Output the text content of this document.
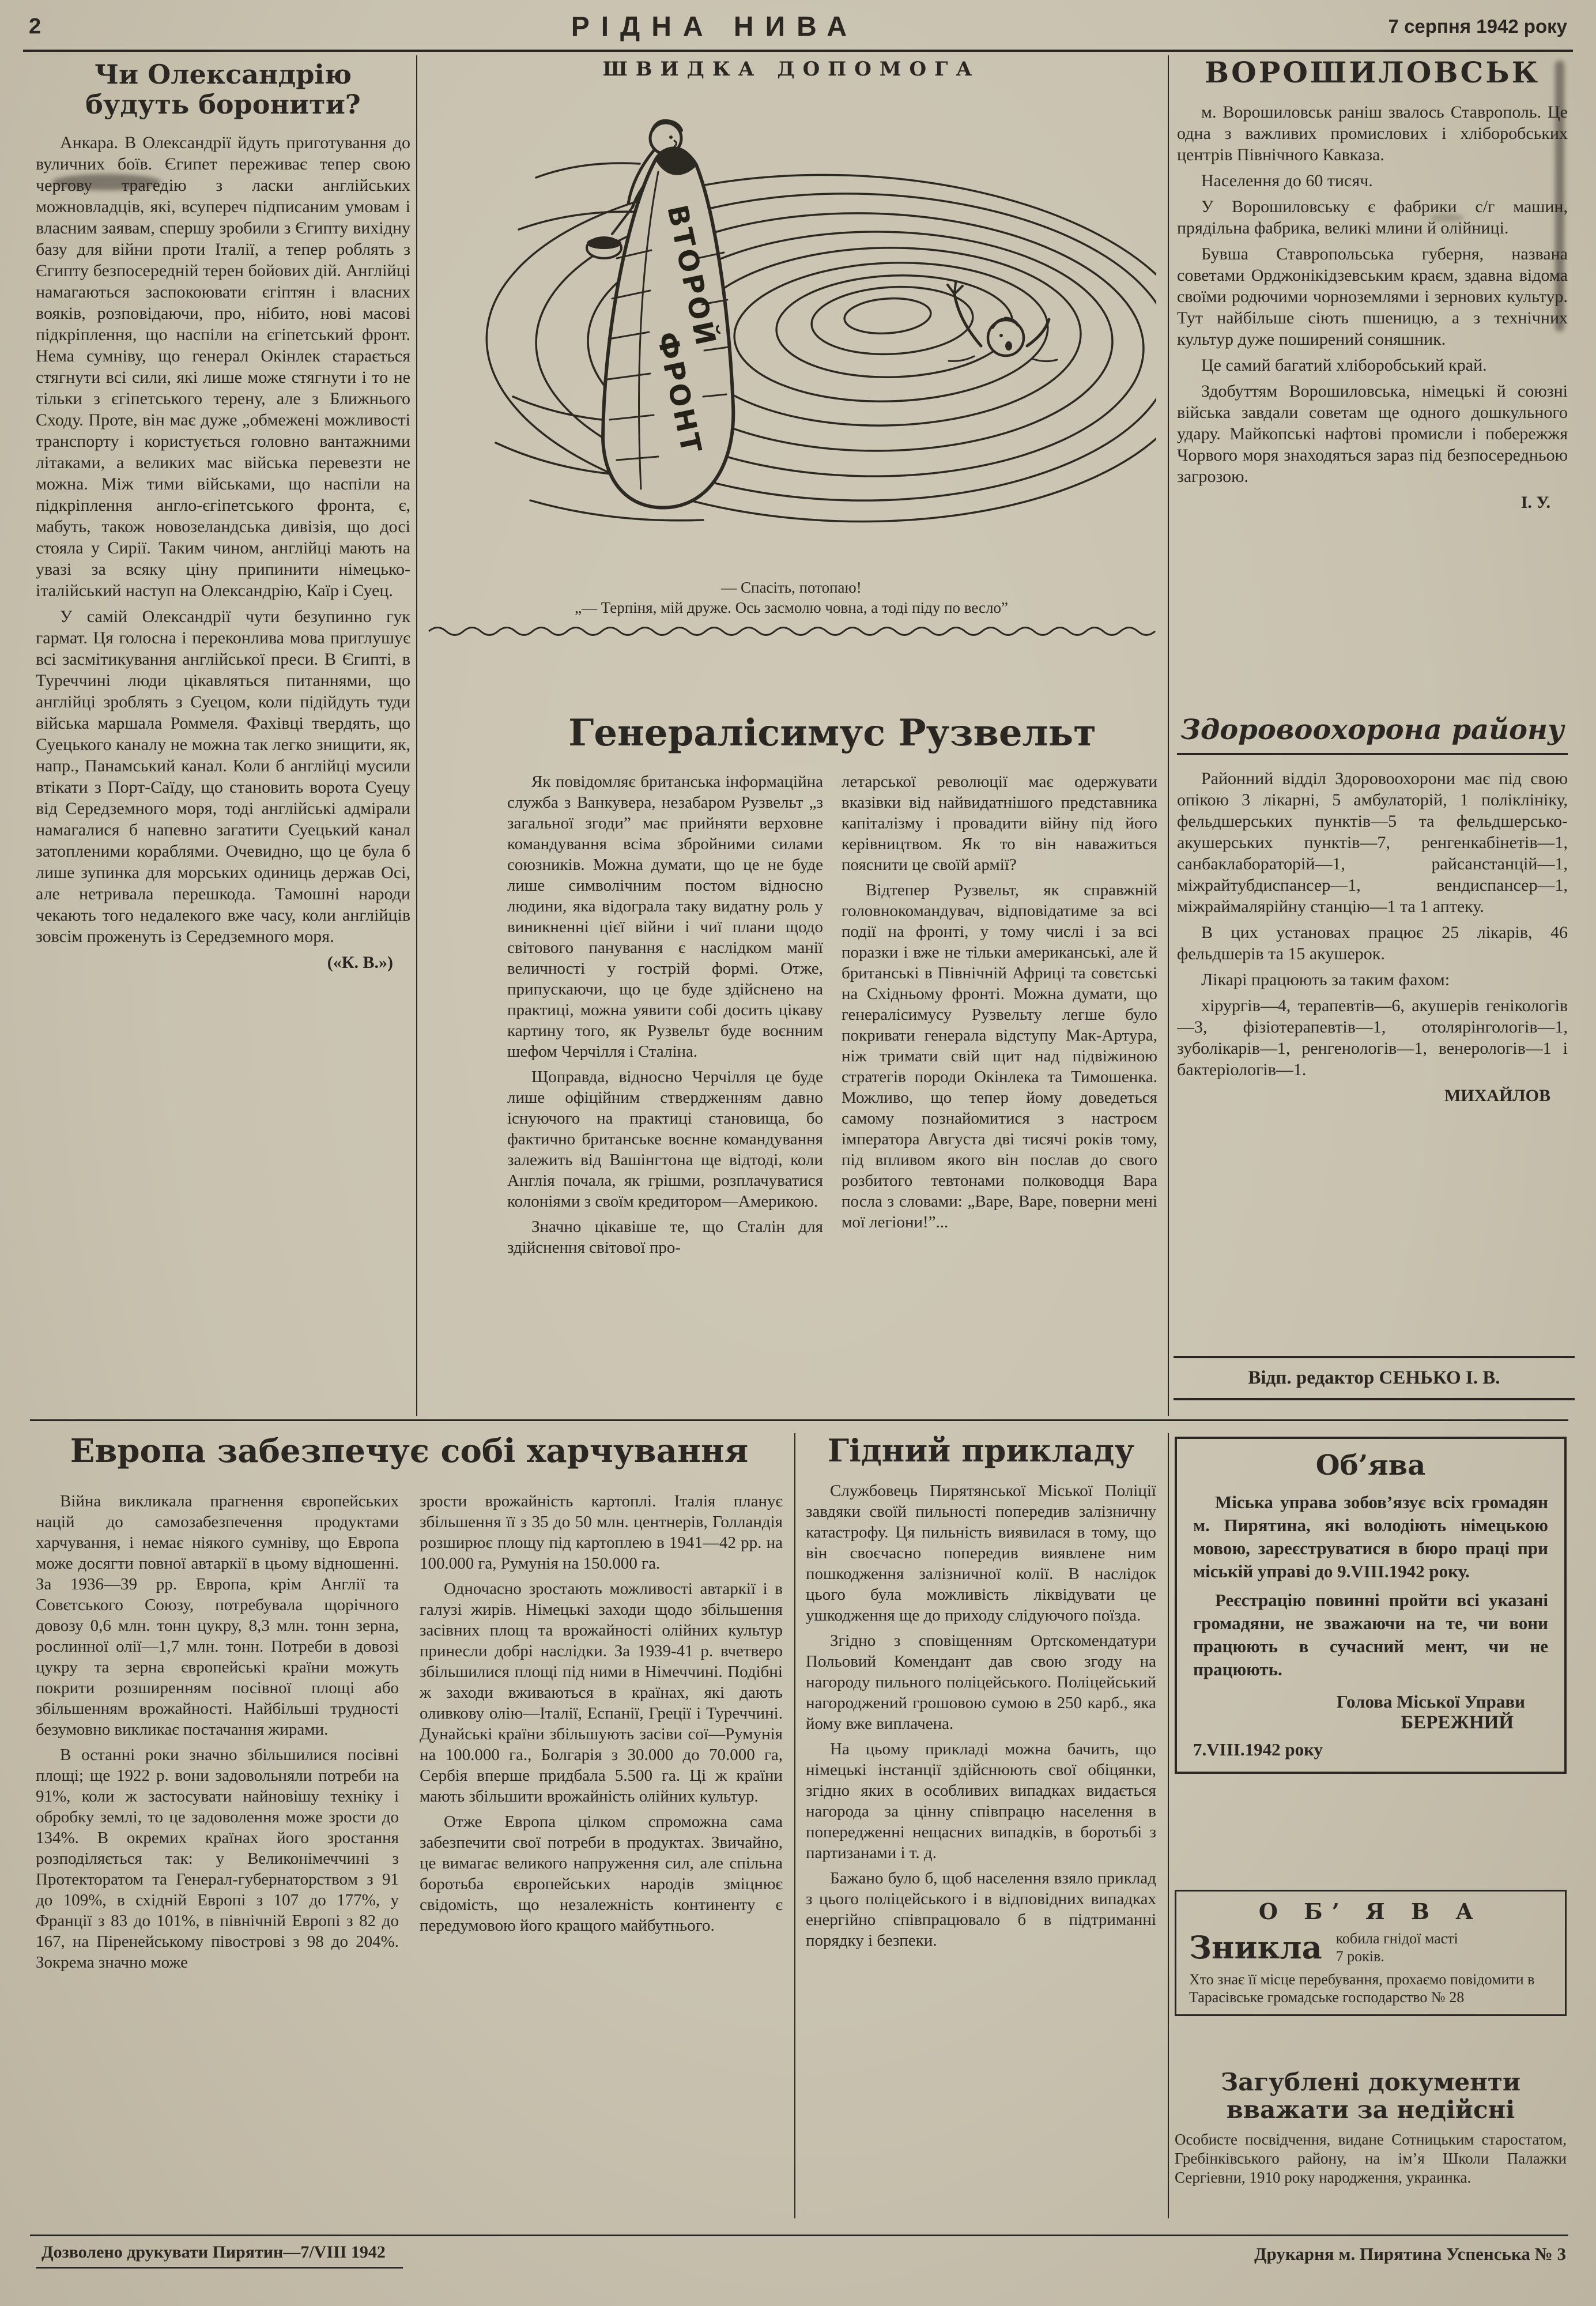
2	РІДНА НИВА	7 серпня 1942 року
Чи Олександрію
будуть боронити?

Анкара. В Олександрії йдуть приготування до вуличних боїв. Єгипет переживає тепер свою чергову трагедію з ласки англійських можновладців, які, всупереч підписаним умовам і власним заявам, спершу зробили з Єгипту вихідну базу для війни проти Італії, а тепер роблять з Єгипту безпосередній терен бойових дій. Англійці намагаються заспокоювати єгіптян і власних вояків, розповідаючи, про, нібито, нові масові підкріплення, що наспіли на єгіпетський фронт. Нема сумніву, що генерал Окінлек старається стягнути всі сили, які лише може стягнути і то не тільки з єгіпетського терену, але з Ближнього Сходу. Проте, він має дуже „обмежені можливості транспорту і користується головно вантажними літаками, а великих мас війська перевезти не можна. Між тими військами, що наспіли на підкріплення англо-єгіпетського фронта, є, мабуть, також новозеландська дивізія, що досі стояла у Сирії. Таким чином, англійці мають на увазі за всяку ціну припинити німецько-італійський наступ на Олександрію, Каїр і Суец.

У самій Олександрії чути безупинно гук гармат. Ця голосна і переконлива мова приглушує всі засмітикування англійської преси. В Єгипті, в Туреччині люди цікавляться питаннями, що англійці зроблять з Суецом, коли підійдуть туди війська маршала Роммеля. Фахівці твердять, що Суецького каналу не можна так легко знищити, як, напр., Панамський канал. Коли б англійці мусили втікати з Порт-Саїду, що становить ворота Суецу від Середземного моря, тоді англійські адмірали намагалися б напевно загатити Суецький канал затопленими кораблями. Очевидно, що це була б лише зупинка для морських одиниць держав Осі, але нетривала перешкода. Тамошні народи чекають того недалекого вже часу, коли англійців зовсім проженуть із Середземного моря.

(«К. В.»)
ШВИДКА ДОПОМОГА
ВТОРОЙ
ФРОНТ
— Спасіть, потопаю!
„— Терпіня, мій друже. Ось засмолю човна, а тоді піду по весло”
ВОРОШИЛОВСЬК

м. Ворошиловськ раніш звалось Ставрополь. Це одна з важливих промислових і хліборобських центрів Північного Кавказа.

Населення до 60 тисяч.

У Ворошиловську є фабрики с/г машин, прядільна фабрика, великі млини й олійниці.

Бувша Ставропольська губерня, названа советами Орджонікідзевським краєм, здавна відома своїми родючими чорноземлями і зернових культур. Тут найбільше сіють пшеницю, а з технічних культур дуже поширений соняшник.

Це самий багатий хліборобський край.

Здобуттям Ворошиловська, німецькі й союзні війська завдали советам ще одного дошкульного удару. Майкопські нафтові промисли і побережжя Чорвого моря знаходяться зараз під безпосередньою загрозою.

І. У.
Генералісимус Рузвельт

Як повідомляє британська інформаційна служба з Ванкувера, незабаром Рузвельт „з загальної згоди” має прийняти верховне командування всіма збройними силами союзників. Можна думати, що це не буде лише символічним постом відносно людини, яка відограла таку видатну роль у виникненні цієї війни і чиї плани щодо світового панування є наслідком манії величності у гострій формі. Отже, припускаючи, що це буде здійснено на практиці, можна уявити собі досить цікаву картину того, як Рузвельт буде воєнним шефом Черчілля і Сталіна.

Щоправда, відносно Черчілля це буде лише офіційним ствердженням давно існуючого на практиці становища, бо фактично британське воєнне командування залежить від Вашінгтона ще відтоді, коли Англія почала, як грішми, розплачуватися колоніями з своїм кредитором—Америкою.

Значно цікавіше те, що Сталін для здійснення світової про-

летарської революції має одержувати вказівки від найвидатнішого представника капіталізму і провадити війну під його керівництвом. Як то він наважиться пояснити це своїй армії?

Відтепер Рузвельт, як справжній головнокомандувач, відповідатиме за всі події на фронті, у тому числі і за всі поразки і вже не тільки американські, але й британські в Північній Африці та совєтські на Східньому фронті. Можна думати, що генералісимусу Рузвельту легше було покривати генерала відступу Мак-Артура, ніж тримати свій щит над підвіжиною стратегів породи Окінлека та Тимошенка. Можливо, що тепер йому доведеться самому познайомитися з настроєм імператора Августа дві тисячі років тому, під впливом якого він послав до свого розбитого тевтонами полководця Вара посла з словами: „Варе, Варе, поверни мені мої легіони!”...

Здоровоохорона району

Районний відділ Здоровоохорони має під свою опікою 3 лікарні, 5 амбулаторій, 1 поліклініку, фельдшерських пунктів—5 та фельдшерсько-акушерських пунктів—7, ренгенкабінетів—1, санбаклабораторій—1, райсанстанцій—1, міжрайтубдиспансер—1, вендиспансер—1, міжраймалярійну станцію—1 та 1 аптеку.

В цих установах працює 25 лікарів, 46 фельдшерів та 15 акушерок.

Лікарі працюють за таким фахом:

хірургів—4, терапевтів—6, акушерів генікологів—3, фізіотерапевтів—1, отолярінгологів—1, зуболікарів—1, ренгенологів—1, венерологів—1 і бактеріологів—1.

МИХАЙЛОВ
Відп. редактор СЕНЬКО І. В.
Европа забезпечує собі харчування

Війна викликала прагнення європейських націй до самозабезпечення продуктами харчування, і немає ніякого сумніву, що Европа може досягти повної автаркії в цьому відношенні. За 1936—39 рр. Европа, крім Англії та Совєтського Союзу, потребувала щорічного довозу 0,6 млн. тонн цукру, 8,3 млн. тонн зерна, рослинної олії—1,7 млн. тонн. Потреби в довозі цукру та зерна європейські країни можуть покрити розширенням посівної площі або збільшенням врожайності. Найбільші трудності безумовно викликає постачання жирами.

В останні роки значно збільшилися посівні площі; ще 1922 р. вони задовольняли потреби на 91%, коли ж застосувати найновішу техніку і обробку землі, то це задоволення може зрости до 134%. В окремих країнах його зростання розподіляється так: у Великонімеччині з Протекторатом та Генерал-губернаторством з 91 до 109%, в східній Европі з 107 до 177%, у Франції з 83 до 101%, в північній Европі з 82 до 167, на Піренейському півострові з 98 до 204%. Зокрема значно може

зрости врожайність картоплі. Італія планує збільшення її з 35 до 50 млн. центнерів, Голландія розширює площу під картоплею в 1941—42 рр. на 100.000 га, Румунія на 150.000 га.

Одночасно зростають можливості автаркії і в галузі жирів. Німецькі заходи щодо збільшення засівних площ та врожайності олійних культур принесли добрі наслідки. За 1939-41 р. вчетверо збільшилися площі під ними в Німеччині. Подібні ж заходи вживаються в країнах, які дають оливкову олію—Італії, Еспанії, Греції і Туреччині. Дунайські країни збільшують засіви сої—Румунія на 100.000 га., Болгарія з 30.000 до 70.000 га, Сербія вперше придбала 5.500 га. Ці ж країни мають збільшити врожайність олійних культур.

Отже Европа цілком спроможна сама забезпечити свої потреби в продуктах. Звичайно, це вимагає великого напруження сил, але спільна боротьба європейських народів зміцнює свідомість, що незалежність континенту є передумовою його кращого майбутнього.

Гідний прикладу

Службовець Пирятянської Міської Поліції завдяки своїй пильності попередив залізничну катастрофу. Ця пильність виявилася в тому, що він своєчасно попередив виявлене ним пошкодження залізничної колії. В наслідок цього була можливість ліквідувати це ушкодження ще до приходу слідуючого поїзда.

Згідно з сповіщенням Ортскомендатури Польовий Комендант дав свою згоду на нагороду пильного поліцейського. Поліцейський нагороджений грошовою сумою в 250 карб., яка йому вже виплачена.

На цьому прикладі можна бачить, що німецькі інстанції здійснюють свої обіцянки, згідно яких в особливих випадках видається нагорода за цінну співпрацю населення в попередженні нещасних випадків, в боротьбі з партизанами і т. д.

Бажано було б, щоб населення взяло приклад з цього поліцейського і в відповідних випадках енергійно співпрацювало б в підтриманні порядку і безпеки.

Об’ява

Міська управа зобов’язує всіх громадян м. Пирятина, які володіють німецькою мовою, зареєструватися в бюро праці при міській управі до 9.VIII.1942 року.

Реєстрацію повинні пройти всі указані громадяни, не зважаючи на те, чи вони працюють в сучасний мент, чи не працюють.

Голова Міської Управи
БЕРЕЖНИЙ
7.VIII.1942 року
О Б’ Я В А
Зникла кобила гнідої масті
7 років.
Хто знає її місце перебування, прохаємо повідомити в Тарасівське громадське господарство № 28
Загублені документи
вважати за недійсні
Особисте посвідчення, видане Сотницьким старостатом, Гребінківського району, на ім’я Школи Палажки Сергіевни, 1910 року народження, украинка.
Дозволено друкувати Пирятин—7/VIII 1942	Друкарня м. Пирятина Успенська № 3
